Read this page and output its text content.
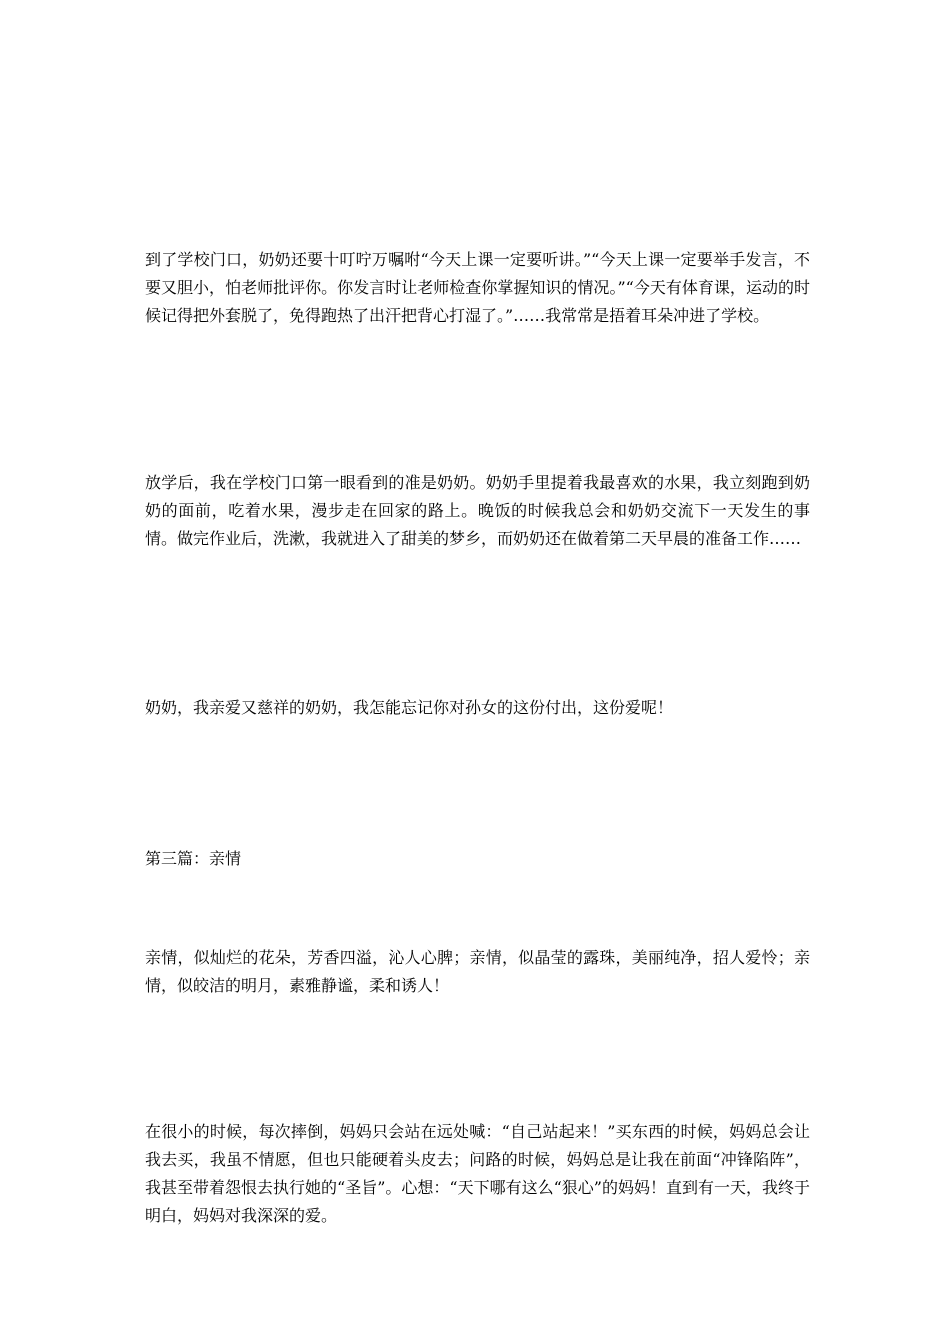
到了学校门口，奶奶还要十叮咛万嘱咐“今天上课一定要听讲。”“今天上课一定要举手发言，不要又胆小，怕老师批评你。你发言时让老师检查你掌握知识的情况。”“今天有体育课，运动的时候记得把外套脱了，免得跑热了出汗把背心打湿了。”……我常常是捂着耳朵冲进了学校。

放学后，我在学校门口第一眼看到的准是奶奶。奶奶手里提着我最喜欢的水果，我立刻跑到奶奶的面前，吃着水果，漫步走在回家的路上。晚饭的时候我总会和奶奶交流下一天发生的事情。做完作业后，洗漱，我就进入了甜美的梦乡，而奶奶还在做着第二天早晨的准备工作……

奶奶，我亲爱又慈祥的奶奶，我怎能忘记你对孙女的这份付出，这份爱呢！

第三篇：亲情

亲情，似灿烂的花朵，芳香四溢，沁人心脾；亲情，似晶莹的露珠，美丽纯净，招人爱怜；亲情，似皎洁的明月，素雅静谧，柔和诱人！

在很小的时候，每次摔倒，妈妈只会站在远处喊：“自己站起来！”买东西的时候，妈妈总会让我去买，我虽不情愿，但也只能硬着头皮去；问路的时候，妈妈总是让我在前面“冲锋陷阵”，我甚至带着怨恨去执行她的“圣旨”。心想：“天下哪有这么“狠心”的妈妈！直到有一天，我终于明白，妈妈对我深深的爱。
